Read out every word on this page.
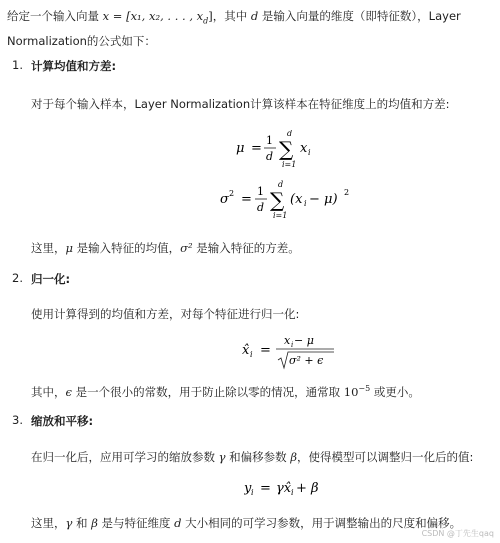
给定一个输入向量 x = [x₁, x₂, . . . , $x_d$]，其中 d 是输入向量的维度（即特征数），Layer Normalization的公式如下：
1. 计算均值和方差:
对于每个输入样本，Layer Normalization计算该样本在特征维度上的均值和方差:
μ =
1
d
d
∑
i=1
x i
σ 2 =
1
d
d
∑
i=1
(x i − μ) 2
这里，μ 是输入特征的均值，σ² 是输入特征的方差。
2. 归一化:
使用计算得到的均值和方差，对每个特征进行归一化:
x̂ i =
x i − μ
σ² + ϵ
其中，ϵ 是一个很小的常数，用于防止除以零的情况，通常取 $10^{-5}$ 或更小。
3. 缩放和平移:
在归一化后，应用可学习的缩放参数 γ 和偏移参数 β，使得模型可以调整归一化后的值:
y i = γx̂ i + β
这里，γ 和 β 是与特征维度 d 大小相同的可学习参数，用于调整输出的尺度和偏移。
CSDN @丁先生qaq
